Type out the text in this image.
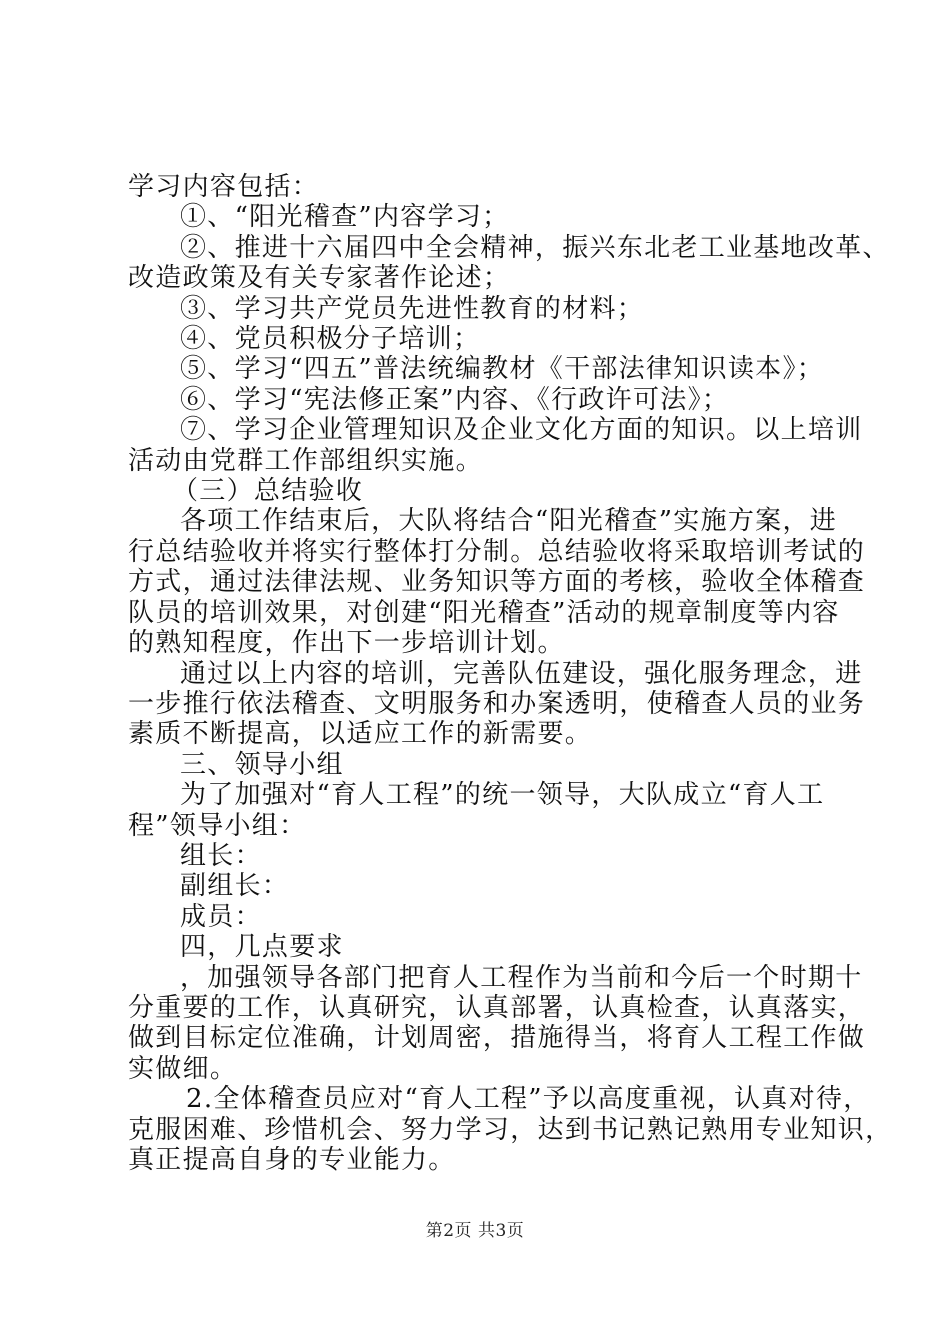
学习内容包括：

①、“阳光稽查”内容学习；

②、推进十六届四中全会精神，振兴东北老工业基地改革、

改造政策及有关专家著作论述；

③、学习共产党员先进性教育的材料；

④、党员积极分子培训；

⑤、学习“四五”普法统编教材《干部法律知识读本》；

⑥、学习“宪法修正案”内容、《行政许可法》；

⑦、学习企业管理知识及企业文化方面的知识。以上培训

活动由党群工作部组织实施。

（三）总结验收

各项工作结束后，大队将结合“阳光稽查”实施方案，进

行总结验收并将实行整体打分制。总结验收将采取培训考试的

方式，通过法律法规、业务知识等方面的考核，验收全体稽查

队员的培训效果，对创建“阳光稽查”活动的规章制度等内容

的熟知程度，作出下一步培训计划。

通过以上内容的培训，完善队伍建设，强化服务理念，进

一步推行依法稽查、文明服务和办案透明，使稽查人员的业务

素质不断提高，以适应工作的新需要。

三、领导小组

为了加强对“育人工程”的统一领导，大队成立“育人工

程”领导小组：

组长：

副组长：

成员：

四，几点要求

，加强领导各部门把育人工程作为当前和今后一个时期十

分重要的工作，认真研究，认真部署，认真检查，认真落实，

做到目标定位准确，计划周密，措施得当，将育人工程工作做

实做细。

2.全体稽查员应对“育人工程”予以高度重视，认真对待，

克服困难、珍惜机会、努力学习，达到书记熟记熟用专业知识，

真正提高自身的专业能力。

第2页 共3页
